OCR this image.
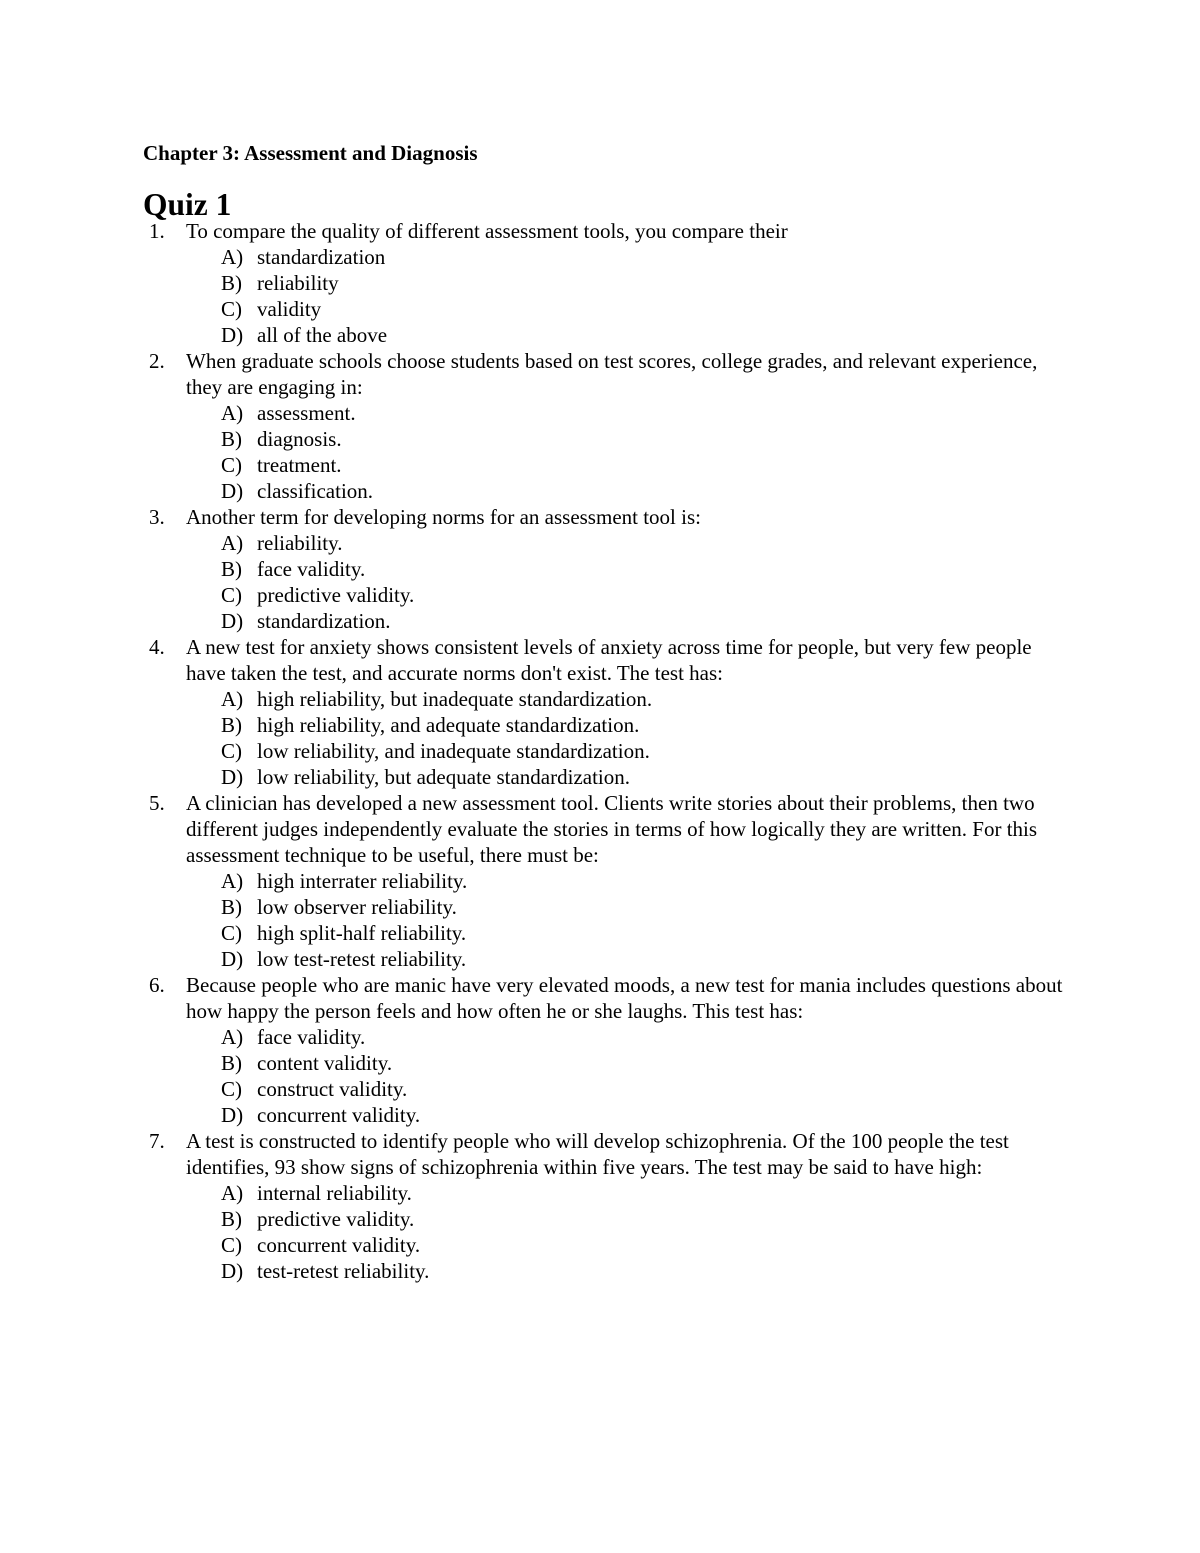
Chapter 3: Assessment and Diagnosis
Quiz 1
1. To compare the quality of different assessment tools, you compare their
A) standardization
B) reliability
C) validity
D) all of the above
2. When graduate schools choose students based on test scores, college grades, and relevant experience, they are engaging in:
A) assessment.
B) diagnosis.
C) treatment.
D) classification.
3. Another term for developing norms for an assessment tool is:
A) reliability.
B) face validity.
C) predictive validity.
D) standardization.
4. A new test for anxiety shows consistent levels of anxiety across time for people, but very few people have taken the test, and accurate norms don't exist. The test has:
A) high reliability, but inadequate standardization.
B) high reliability, and adequate standardization.
C) low reliability, and inadequate standardization.
D) low reliability, but adequate standardization.
5. A clinician has developed a new assessment tool. Clients write stories about their problems, then two different judges independently evaluate the stories in terms of how logically they are written. For this assessment technique to be useful, there must be:
A) high interrater reliability.
B) low observer reliability.
C) high split-half reliability.
D) low test-retest reliability.
6. Because people who are manic have very elevated moods, a new test for mania includes questions about how happy the person feels and how often he or she laughs. This test has:
A) face validity.
B) content validity.
C) construct validity.
D) concurrent validity.
7. A test is constructed to identify people who will develop schizophrenia. Of the 100 people the test identifies, 93 show signs of schizophrenia within five years. The test may be said to have high:
A) internal reliability.
B) predictive validity.
C) concurrent validity.
D) test-retest reliability.
